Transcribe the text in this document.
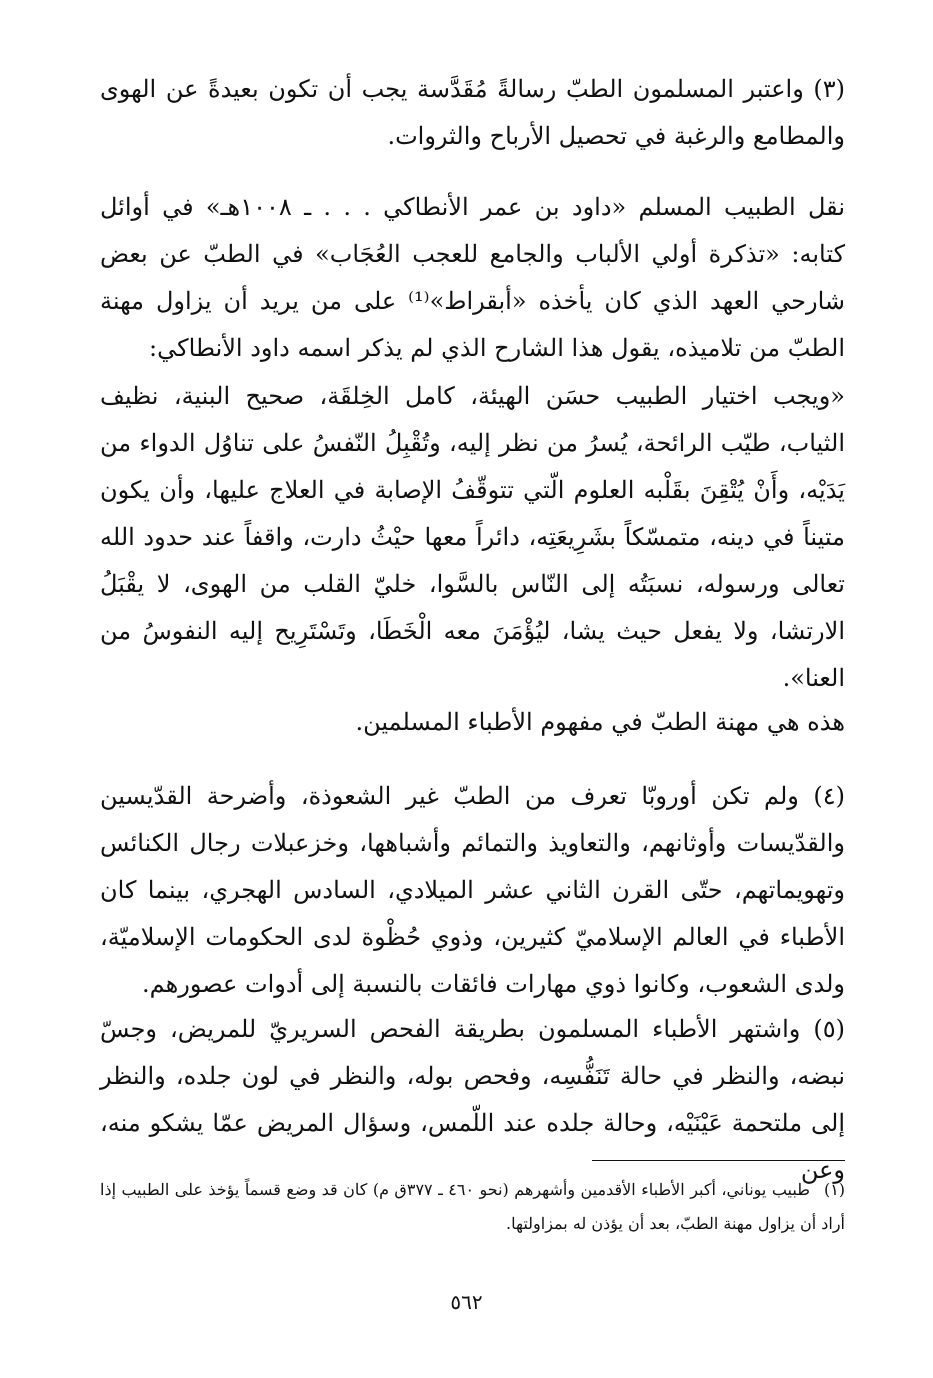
(٣) واعتبر المسلمون الطبّ رسالةً مُقَدَّسة يجب أن تكون بعيدةً عن الهوى والمطامع والرغبة في تحصيل الأرباح والثروات.

نقل الطبيب المسلم «داود بن عمر الأنطاكي . . . ـ ١٠٠٨هـ» في أوائل كتابه: «تذكرة أولي الألباب والجامع للعجب العُجَاب» في الطبّ عن بعض شارحي العهد الذي كان يأخذه «أبقراط»⁽¹⁾ على من يريد أن يزاول مهنة الطبّ من تلاميذه، يقول هذا الشارح الذي لم يذكر اسمه داود الأنطاكي:

«ويجب اختيار الطبيب حسَن الهيئة، كامل الخِلقَة، صحيح البنية، نظيف الثياب، طيّب الرائحة، يُسرُ من نظر إليه، وتُقْبِلُ النّفسُ على تناوُل الدواء من يَدَيْه، وأَنْ يُتْقِنَ بقَلْبه العلوم الّتي تتوقّفُ الإصابة في العلاج عليها، وأن يكون متيناً في دينه، متمسّكاً بشَرِيعَتِه، دائراً معها حيْثُ دارت، واقفاً عند حدود الله تعالى ورسوله، نسبَتُه إلى النّاس بالسَّوا، خليّ القلب من الهوى، لا يقْبَلُ الارتشا، ولا يفعل حيث يشا، ليُؤْمَنَ معه الْخَطَا، وتَسْتَرِيح إليه النفوسُ من العنا».

هذه هي مهنة الطبّ في مفهوم الأطباء المسلمين.

(٤) ولم تكن أوروبّا تعرف من الطبّ غير الشعوذة، وأضرحة القدّيسين والقدّيسات وأوثانهم، والتعاويذ والتمائم وأشباهها، وخزعبلات رجال الكنائس وتهويماتهم، حتّى القرن الثاني عشر الميلادي، السادس الهجري، بينما كان الأطباء في العالم الإسلاميّ كثيرين، وذوي حُظْوة لدى الحكومات الإسلاميّة، ولدى الشعوب، وكانوا ذوي مهارات فائقات بالنسبة إلى أدوات عصورهم.

(٥) واشتهر الأطباء المسلمون بطريقة الفحص السريريّ للمريض، وجسّ نبضه، والنظر في حالة تَنَفُّسِه، وفحص بوله، والنظر في لون جلده، والنظر إلى ملتحمة عَيْنَيْه، وحالة جلده عند اللّمس، وسؤال المريض عمّا يشكو منه، وعن

(١)طبيب يوناني، أكبر الأطباء الأقدمين وأشهرهم (نحو ٤٦٠ ـ ٣٧٧ق م) كان قد وضع قسماً يؤخذ على الطبيب إذا أراد أن يزاول مهنة الطبّ، بعد أن يؤذن له بمزاولتها.

٥٦٢
